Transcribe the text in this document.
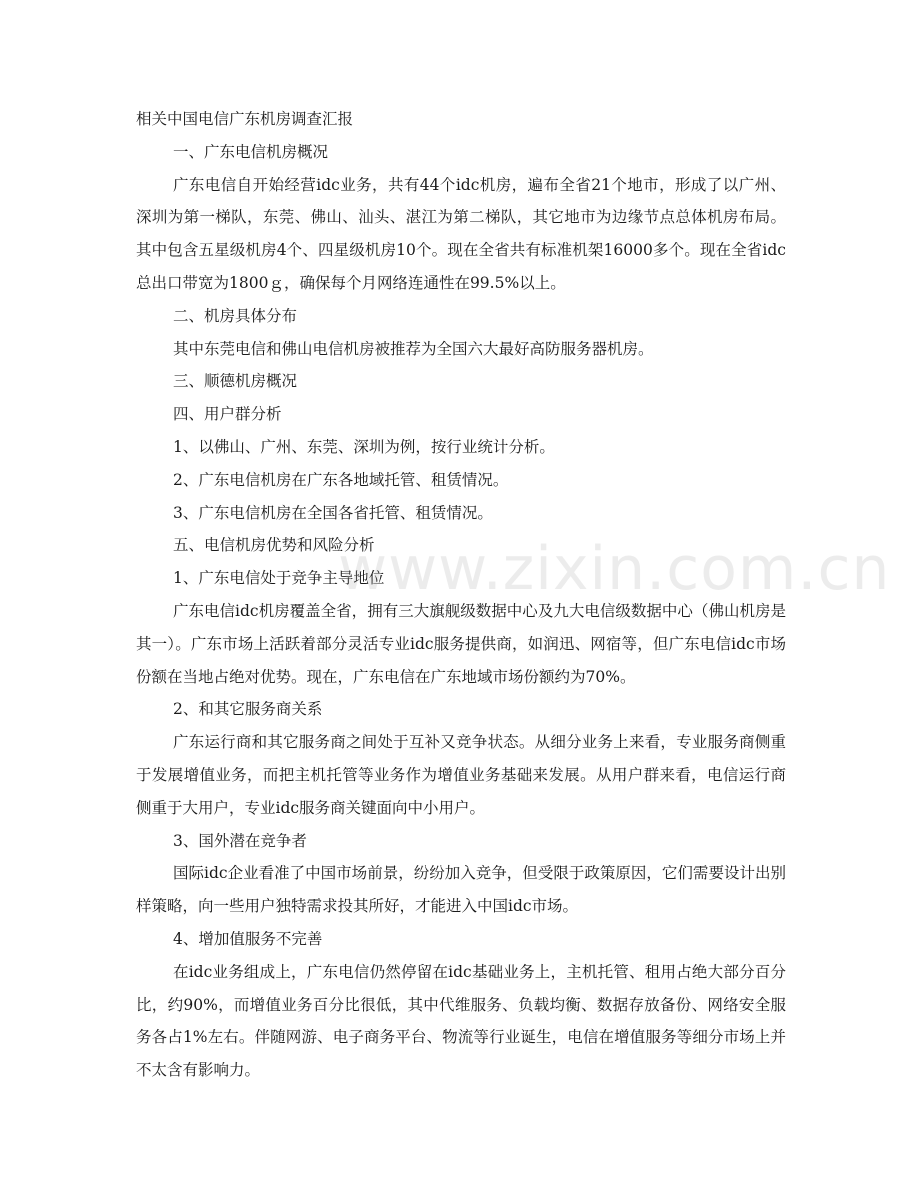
相关中国电信广东机房调查汇报

一、广东电信机房概况

广东电信自开始经营idc业务，共有44个idc机房，遍布全省21个地市，形成了以广州、深圳为第一梯队，东莞、佛山、汕头、湛江为第二梯队，其它地市为边缘节点总体机房布局。其中包含五星级机房4个、四星级机房10个。现在全省共有标准机架16000多个。现在全省idc总出口带宽为1800ｇ，确保每个月网络连通性在99.5%以上。

二、机房具体分布

其中东莞电信和佛山电信机房被推荐为全国六大最好高防服务器机房。

三、顺德机房概况

四、用户群分析

1、以佛山、广州、东莞、深圳为例，按行业统计分析。

2、广东电信机房在广东各地域托管、租赁情况。

3、广东电信机房在全国各省托管、租赁情况。

五、电信机房优势和风险分析

1、广东电信处于竞争主导地位

广东电信idc机房覆盖全省，拥有三大旗舰级数据中心及九大电信级数据中心（佛山机房是其一）。广东市场上活跃着部分灵活专业idc服务提供商，如润迅、网宿等，但广东电信idc市场份额在当地占绝对优势。现在，广东电信在广东地域市场份额约为70%。

2、和其它服务商关系

广东运行商和其它服务商之间处于互补又竞争状态。从细分业务上来看，专业服务商侧重于发展增值业务，而把主机托管等业务作为增值业务基础来发展。从用户群来看，电信运行商侧重于大用户，专业idc服务商关键面向中小用户。

3、国外潜在竞争者

国际idc企业看准了中国市场前景，纷纷加入竞争，但受限于政策原因，它们需要设计出别样策略，向一些用户独特需求投其所好，才能进入中国idc市场。

4、增加值服务不完善

在idc业务组成上，广东电信仍然停留在idc基础业务上，主机托管、租用占绝大部分百分比，约90%，而增值业务百分比很低，其中代维服务、负载均衡、数据存放备份、网络安全服务各占1%左右。伴随网游、电子商务平台、物流等行业诞生，电信在增值服务等细分市场上并不太含有影响力。

www.zixin.com.cn
